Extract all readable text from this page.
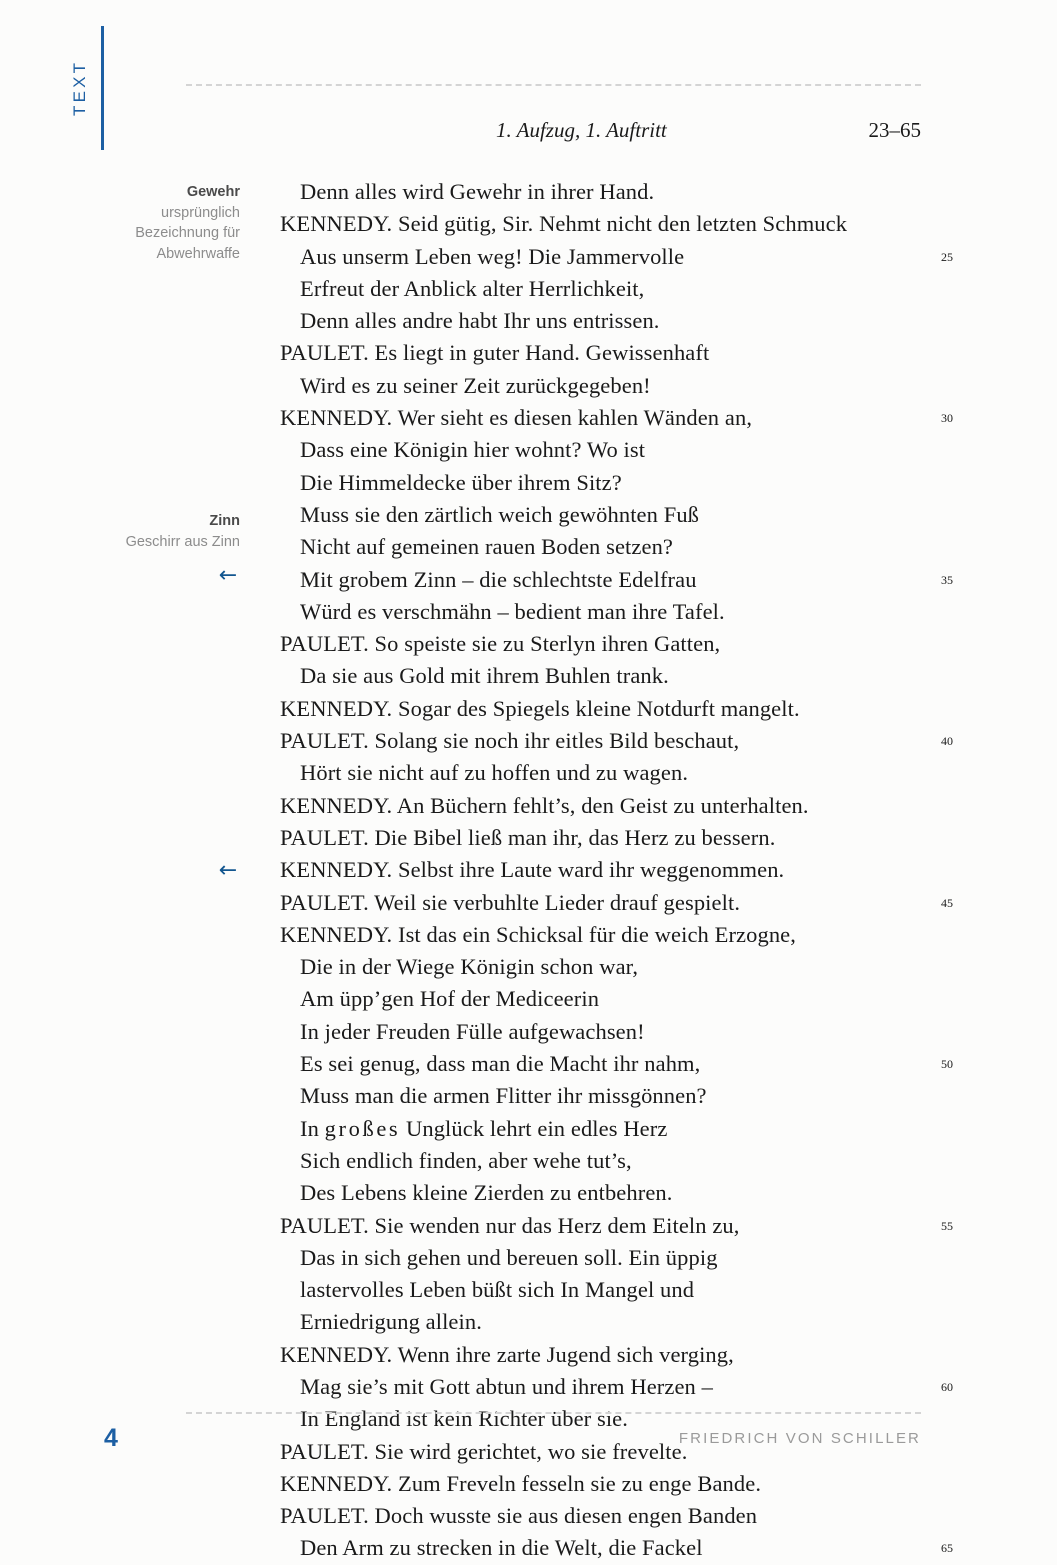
TEXT
1. Aufzug, 1. Auftritt	23–65
Gewehr
ursprünglich
Bezeichnung für
Abwehrwaffe
Zinn
Geschirr aus Zinn
←
←
Denn alles wird Gewehr in ihrer Hand.
KENNEDY. Seid gütig, Sir. Nehmt nicht den letzten Schmuck
Aus unserm Leben weg! Die Jammervolle	25
Erfreut der Anblick alter Herrlichkeit,
Denn alles andre habt Ihr uns entrissen.
PAULET. Es liegt in guter Hand. Gewissenhaft
Wird es zu seiner Zeit zurückgegeben!
KENNEDY. Wer sieht es diesen kahlen Wänden an,	30
Dass eine Königin hier wohnt? Wo ist
Die Himmeldecke über ihrem Sitz?
Muss sie den zärtlich weich gewöhnten Fuß
Nicht auf gemeinen rauen Boden setzen?
Mit grobem Zinn – die schlechtste Edelfrau	35
Würd es verschmähn – bedient man ihre Tafel.
PAULET. So speiste sie zu Sterlyn ihren Gatten,
Da sie aus Gold mit ihrem Buhlen trank.
KENNEDY. Sogar des Spiegels kleine Notdurft mangelt.
PAULET. Solang sie noch ihr eitles Bild beschaut,	40
Hört sie nicht auf zu hoffen und zu wagen.
KENNEDY. An Büchern fehlt’s, den Geist zu unterhalten.
PAULET. Die Bibel ließ man ihr, das Herz zu bessern.
KENNEDY. Selbst ihre Laute ward ihr weggenommen.
PAULET. Weil sie verbuhlte Lieder drauf gespielt.	45
KENNEDY. Ist das ein Schicksal für die weich Erzogne,
Die in der Wiege Königin schon war,
Am üpp’gen Hof der Mediceerin
In jeder Freuden Fülle aufgewachsen!
Es sei genug, dass man die Macht ihr nahm,	50
Muss man die armen Flitter ihr missgönnen?
In großes Unglück lehrt ein edles Herz
Sich endlich finden, aber wehe tut’s,
Des Lebens kleine Zierden zu entbehren.
PAULET. Sie wenden nur das Herz dem Eiteln zu,	55
Das in sich gehen und bereuen soll. Ein üppig
lastervolles Leben büßt sich In Mangel und
Erniedrigung allein.
KENNEDY. Wenn ihre zarte Jugend sich verging,
Mag sie’s mit Gott abtun und ihrem Herzen –	60
In England ist kein Richter über sie.
PAULET. Sie wird gerichtet, wo sie frevelte.
KENNEDY. Zum Freveln fesseln sie zu enge Bande.
PAULET. Doch wusste sie aus diesen engen Banden
Den Arm zu strecken in die Welt, die Fackel	65
4	FRIEDRICH VON SCHILLER
